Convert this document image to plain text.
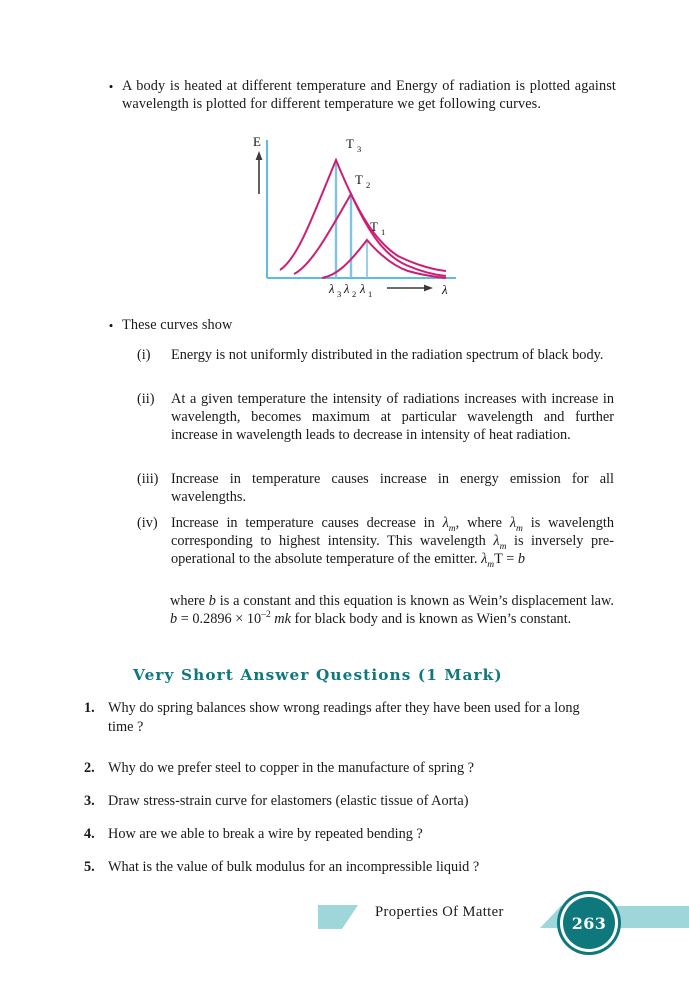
• A body is heated at different temperature and Energy of radiation is plotted against wavelength is plotted for different temperature we get following curves.
E	T 3
T 2
T 1
λ 3 λ 2 λ 1	λ
• These curves show
(i)	Energy is not uniformly distributed in the radiation spectrum of black body.
(ii)	At a given temperature the intensity of radiations increases with increase in wavelength, becomes maximum at particular wavelength and further increase in wavelength leads to decrease in intensity of heat radiation.
(iii) Increase in temperature causes increase in energy emission for all wavelengths.
(iv) Increase in temperature causes decrease in $\lambda_m$, where $\lambda_m$ is wavelength corresponding to highest intensity. This wavelength $\lambda_m$ is inversely pre-operational to the absolute temperature of the emitter. $\lambda_mT = b$
where b is a constant and this equation is known as Wein’s displacement law. $b = 0.2896 \times 10^{-2}$ mk for black body and is known as Wien’s constant.
Very Short Answer Questions (1 Mark)
1. Why do spring balances show wrong readings after they have been used for a long time ?
2. Why do we prefer steel to copper in the manufacture of spring ?
3. Draw stress-strain curve for elastomers (elastic tissue of Aorta)
4. How are we able to break a wire by repeated bending ?
5. What is the value of bulk modulus for an incompressible liquid ?
Properties Of Matter
263
